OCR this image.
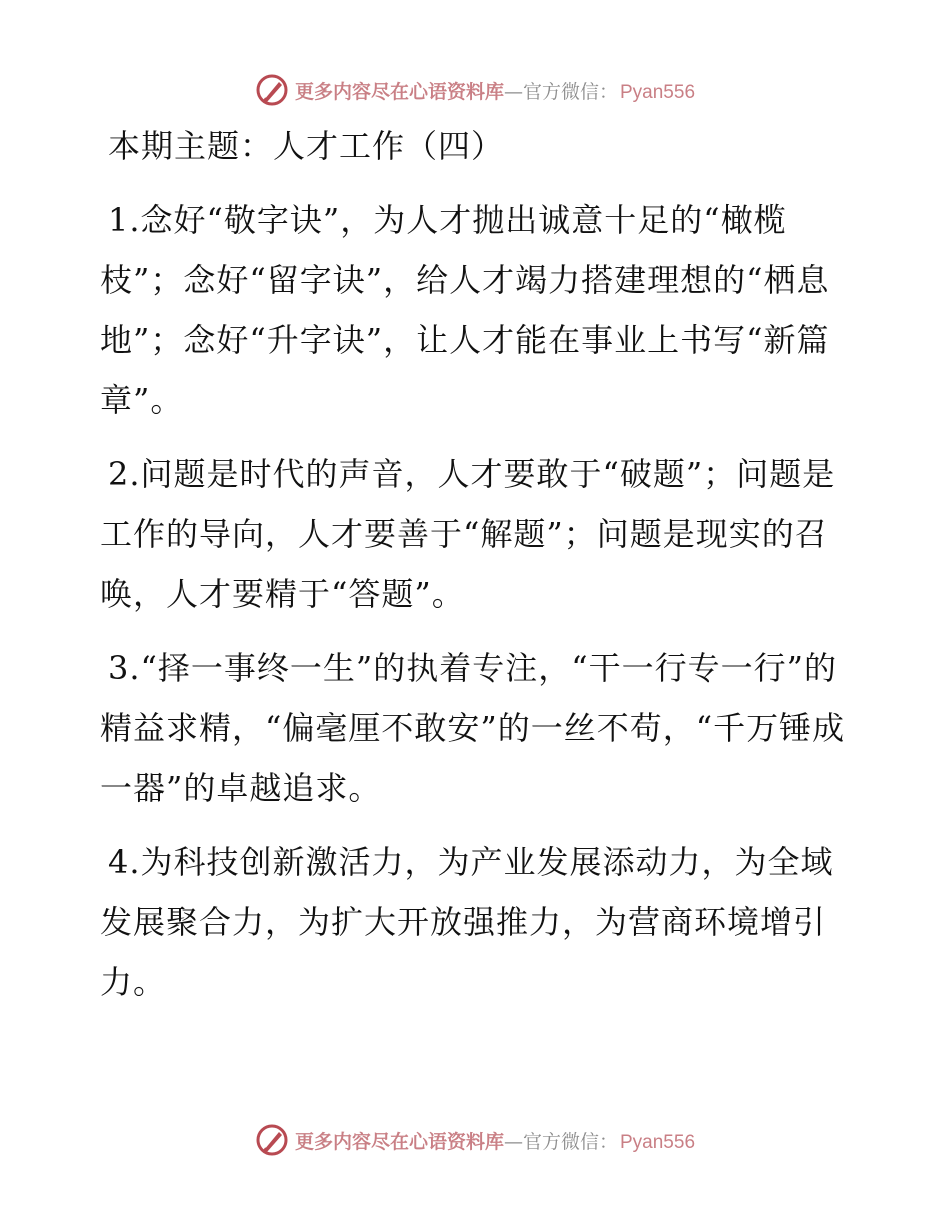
更多内容尽在心语资料库 — 官方微信： Pyan556
本期主题：人才工作（四）

1.念好“敬字诀”，为人才抛出诚意十足的“橄榄枝”；念好“留字诀”，给人才竭力搭建理想的“栖息地”；念好“升字诀”，让人才能在事业上书写“新篇章”。

2.问题是时代的声音，人才要敢于“破题”；问题是工作的导向，人才要善于“解题”；问题是现实的召唤，人才要精于“答题”。

3.“择一事终一生”的执着专注，“干一行专一行”的精益求精，“偏毫厘不敢安”的一丝不苟，“千万锤成一器”的卓越追求。

4.为科技创新激活力，为产业发展添动力，为全域发展聚合力，为扩大开放强推力，为营商环境增引力。

更多内容尽在心语资料库 — 官方微信： Pyan556
